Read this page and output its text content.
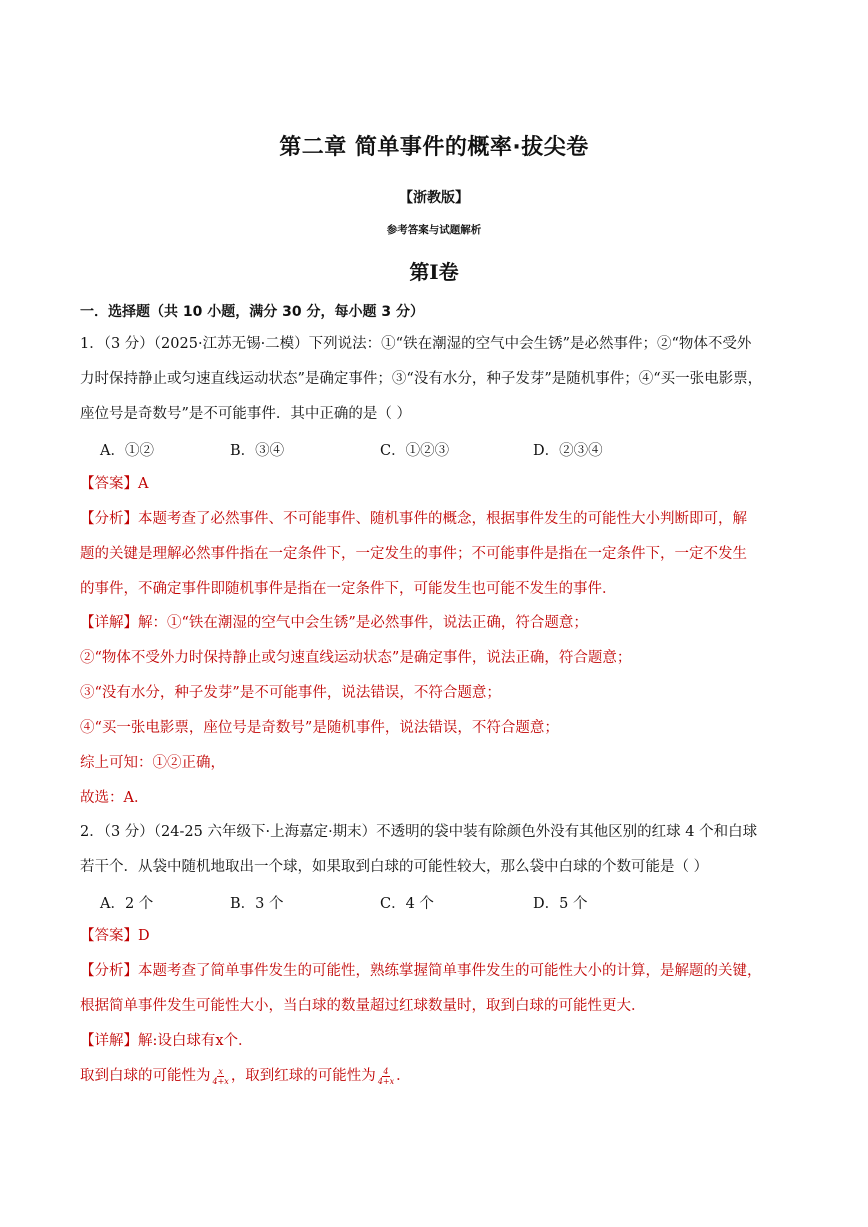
第二章 简单事件的概率·拔尖卷
【浙教版】
参考答案与试题解析
第Ⅰ卷
一．选择题（共 10 小题，满分 30 分，每小题 3 分）
1．（3 分）（2025·江苏无锡·二模）下列说法：①“铁在潮湿的空气中会生锈”是必然事件；②“物体不受外
力时保持静止或匀速直线运动状态”是确定事件；③“没有水分，种子发芽”是随机事件；④“买一张电影票，
座位号是奇数号”是不可能事件．其中正确的是（ ）
A．①②	B．③④	C．①②③	D．②③④
【答案】A
【分析】本题考查了必然事件、不可能事件、随机事件的概念，根据事件发生的可能性大小判断即可，解
题的关键是理解必然事件指在一定条件下，一定发生的事件；不可能事件是指在一定条件下，一定不发生
的事件，不确定事件即随机事件是指在一定条件下，可能发生也可能不发生的事件．
【详解】解：①“铁在潮湿的空气中会生锈”是必然事件，说法正确，符合题意；
②“物体不受外力时保持静止或匀速直线运动状态”是确定事件，说法正确，符合题意；
③“没有水分，种子发芽”是不可能事件，说法错误，不符合题意；
④“买一张电影票，座位号是奇数号”是随机事件，说法错误，不符合题意；
综上可知：①②正确，
故选：A．
2．（3 分）（24-25 六年级下·上海嘉定·期末）不透明的袋中装有除颜色外没有其他区别的红球 4 个和白球
若干个．从袋中随机地取出一个球，如果取到白球的可能性较大，那么袋中白球的个数可能是（ ）
A．2 个	B．3 个	C．4 个	D．5 个
【答案】D
【分析】本题考查了简单事件发生的可能性，熟练掌握简单事件发生的可能性大小的计算，是解题的关键，
根据简单事件发生可能性大小，当白球的数量超过红球数量时，取到白球的可能性更大．
【详解】解:设白球有x个．
取到白球的可能性为 $\frac{x}{4+x}$ ，取到红球的可能性为 $\frac{4}{4+x}$ ．
